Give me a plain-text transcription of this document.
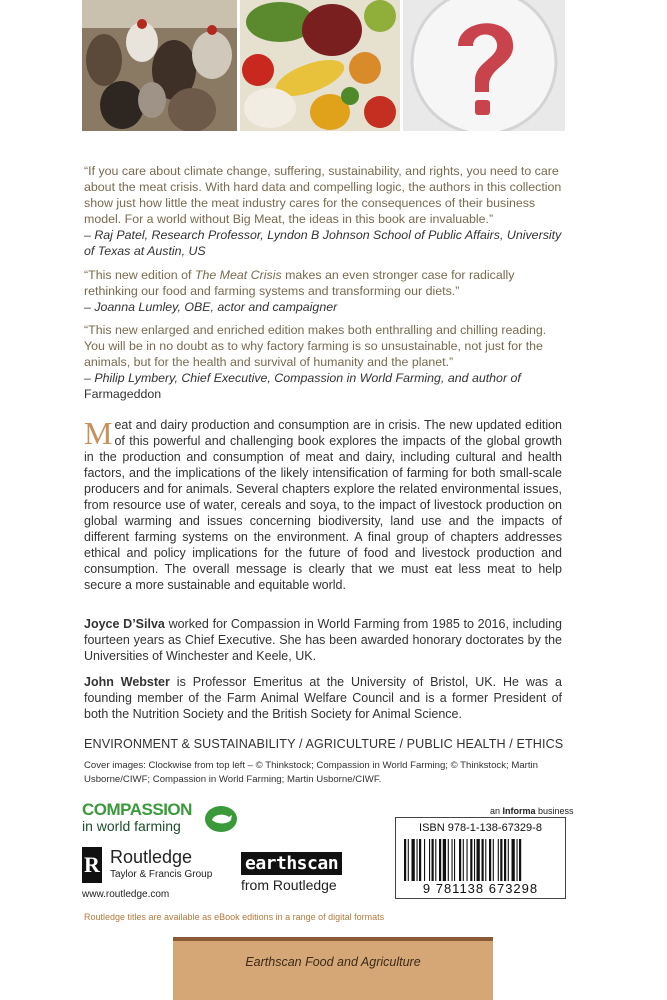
“If you care about climate change, suffering, sustainability, and rights, you need to care about the meat crisis. With hard data and compelling logic, the authors in this collection show just how little the meat industry cares for the consequences of their business model. For a world without Big Meat, the ideas in this book are invaluable.”
– Raj Patel, Research Professor, Lyndon B Johnson School of Public Affairs, University of Texas at Austin, US
“This new edition of The Meat Crisis makes an even stronger case for radically rethinking our food and farming systems and transforming our diets.”
– Joanna Lumley, OBE, actor and campaigner
“This new enlarged and enriched edition makes both enthralling and chilling reading. You will be in no doubt as to why factory farming is so unsustainable, not just for the animals, but for the health and survival of humanity and the planet.”
– Philip Lymbery, Chief Executive, Compassion in World Farming, and author of
Farmageddon
Meat and dairy production and consumption are in crisis. The new updated edition of this powerful and challenging book explores the impacts of the global growth in the production and consumption of meat and dairy, including cultural and health factors, and the implications of the likely intensification of farming for both small-scale producers and for animals. Several chapters explore the related environmental issues, from resource use of water, cereals and soya, to the impact of livestock production on global warming and issues concerning biodiversity, land use and the impacts of different farming systems on the environment. A final group of chapters addresses ethical and policy implications for the future of food and livestock production and consumption. The overall message is clearly that we must eat less meat to help secure a more sustainable and equitable world.
Joyce D’Silva worked for Compassion in World Farming from 1985 to 2016, including fourteen years as Chief Executive. She has been awarded honorary doctorates by the Universities of Winchester and Keele, UK.
John Webster is Professor Emeritus at the University of Bristol, UK. He was a founding member of the Farm Animal Welfare Council and is a former President of both the Nutrition Society and the British Society for Animal Science.
ENVIRONMENT & SUSTAINABILITY / AGRICULTURE / PUBLIC HEALTH / ETHICS
Cover images: Clockwise from top left – © Thinkstock; Compassion in World Farming; © Thinkstock; Martin Usborne/CIWF; Compassion in World Farming; Martin Usborne/CIWF.
COMPASSION
in world farming
R Routledge
Taylor & Francis Group
www.routledge.com
earthscan
from Routledge
an Informa business
ISBN 978-1-138-67329-8
9 781138 673298
Routledge titles are available as eBook editions in a range of digital formats
Earthscan Food and Agriculture
